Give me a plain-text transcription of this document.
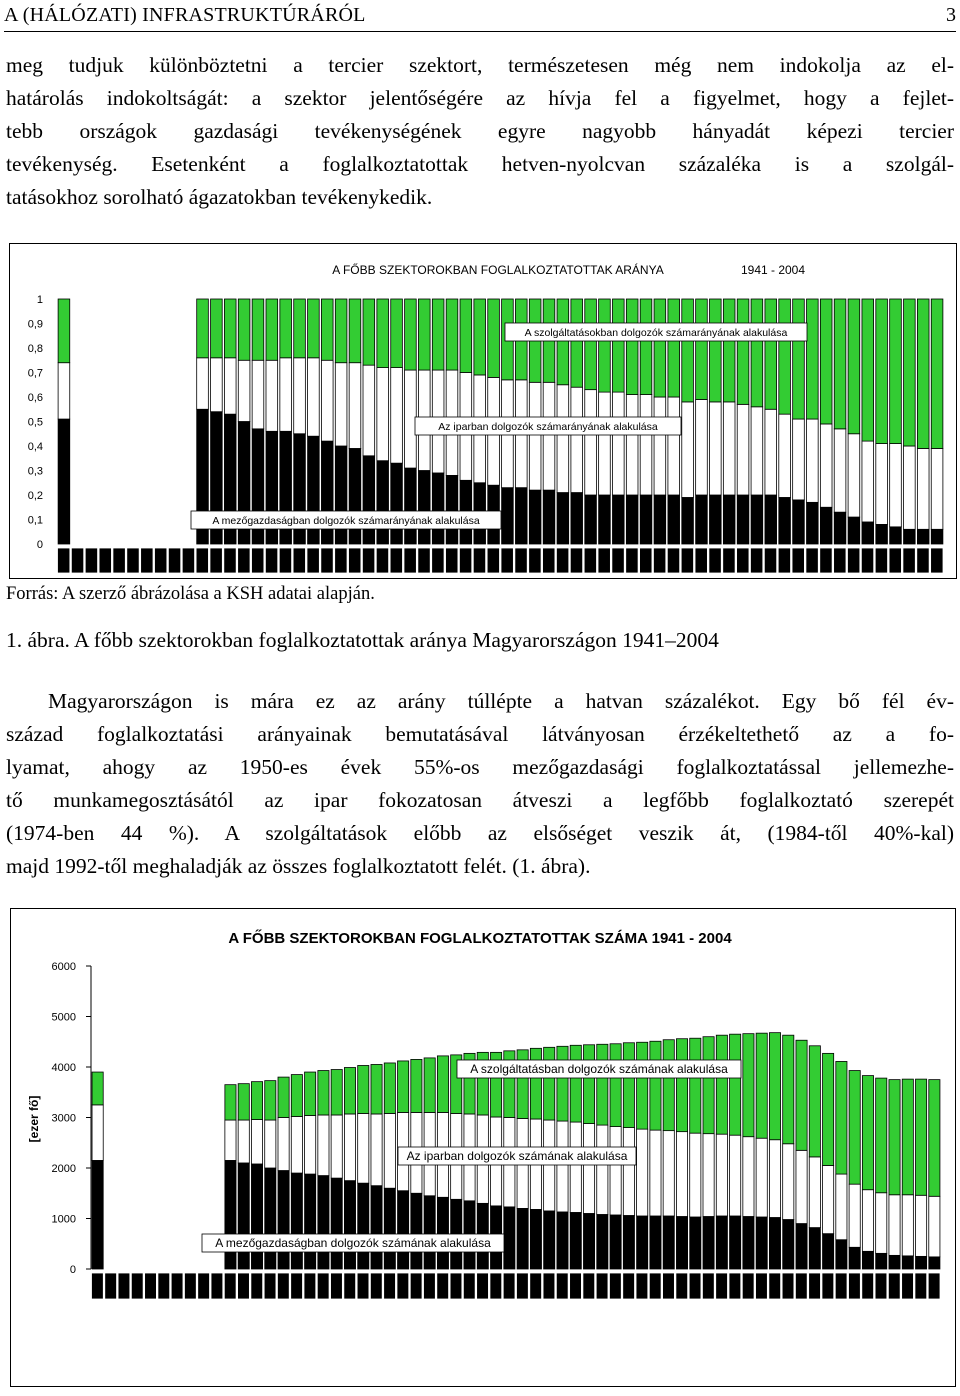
A (HÁLÓZATI) INFRASTRUKTÚRÁRÓL	3
meg tudjuk különböztetni a tercier szektort, természetesen még nem indokolja az el-
határolás indokoltságát: a szektor jelentőségére az hívja fel a figyelmet, hogy a fejlet-
tebb országok gazdasági tevékenységének egyre nagyobb hányadát képezi tercier
tevékenység. Esetenként a foglalkoztatottak hetven-nyolcvan százaléka is a szolgál-
tatásokhoz sorolható ágazatokban tevékenykedik.
A FŐBB SZEKTOROKBAN FOGLALKOZTATOTTAK ARÁNYA	1941 - 2004
0
0,1
0,2
0,3
0,4
0,5
0,6
0,7
0,8
0,9
1
A szolgáltatásokban dolgozók számarányának alakulása
Az iparban dolgozók számarányának alakulása
A mezőgazdaságban dolgozók számarányának alakulása
Forrás: A szerző ábrázolása a KSH adatai alapján.
1. ábra. A főbb szektorokban foglalkoztatottak aránya Magyarországon 1941–2004
Magyarországon is mára ez az arány túllépte a hatvan százalékot. Egy bő fél év-
század foglalkoztatási arányainak bemutatásával látványosan érzékeltethető az a fo-
lyamat, ahogy az 1950-es évek 55%-os mezőgazdasági foglalkoztatással jellemezhe-
tő munkamegosztásától az ipar fokozatosan átveszi a legfőbb foglalkoztató szerepét
(1974-ben 44 %). A szolgáltatások előbb az elsőséget veszik át, (1984-től 40%-kal)
majd 1992-től meghaladják az összes foglalkoztatott felét. (1. ábra).
A FŐBB SZEKTOROKBAN FOGLALKOZTATOTTAK SZÁMA 1941 - 2004
[ezer fő]
0
1000
2000
3000
4000
5000
6000
A szolgáltatásban dolgozók számának alakulása
Az iparban dolgozók számának alakulása
A mezőgazdaságban dolgozók számának alakulása
